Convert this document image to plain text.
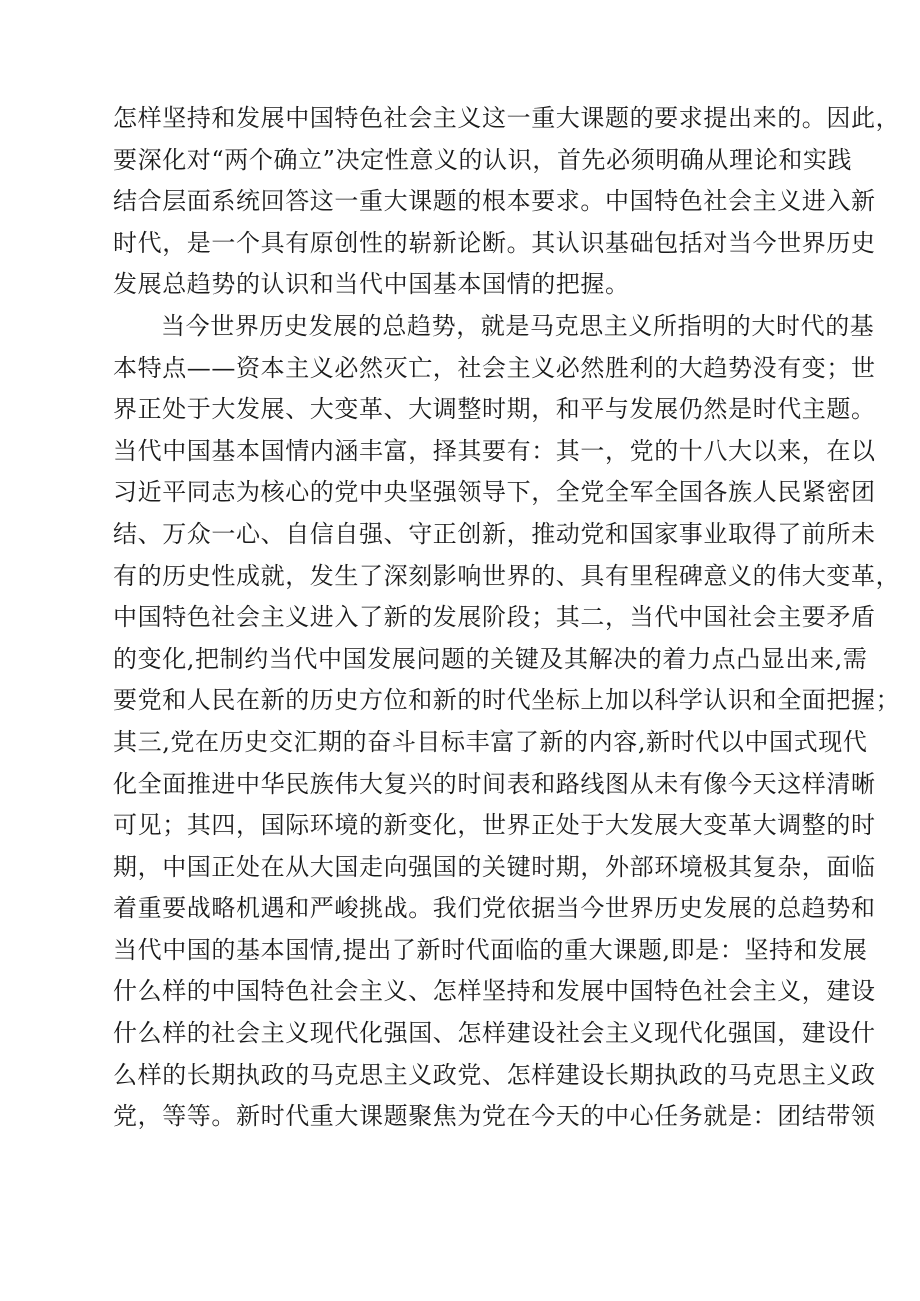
怎样坚持和发展中国特色社会主义这一重大课题的要求提出来的。因此，
要深化对“两个确立”决定性意义的认识，首先必须明确从理论和实践
结合层面系统回答这一重大课题的根本要求。中国特色社会主义进入新
时代，是一个具有原创性的崭新论断。其认识基础包括对当今世界历史
发展总趋势的认识和当代中国基本国情的把握。
当今世界历史发展的总趋势，就是马克思主义所指明的大时代的基
本特点——资本主义必然灭亡，社会主义必然胜利的大趋势没有变；世
界正处于大发展、大变革、大调整时期，和平与发展仍然是时代主题。
当代中国基本国情内涵丰富，择其要有：其一，党的十八大以来，在以
习近平同志为核心的党中央坚强领导下，全党全军全国各族人民紧密团
结、万众一心、自信自强、守正创新，推动党和国家事业取得了前所未
有的历史性成就，发生了深刻影响世界的、具有里程碑意义的伟大变革，
中国特色社会主义进入了新的发展阶段；其二，当代中国社会主要矛盾
的变化,把制约当代中国发展问题的关键及其解决的着力点凸显出来,需
要党和人民在新的历史方位和新的时代坐标上加以科学认识和全面把握；
其三,党在历史交汇期的奋斗目标丰富了新的内容,新时代以中国式现代
化全面推进中华民族伟大复兴的时间表和路线图从未有像今天这样清晰
可见；其四，国际环境的新变化，世界正处于大发展大变革大调整的时
期，中国正处在从大国走向强国的关键时期，外部环境极其复杂，面临
着重要战略机遇和严峻挑战。我们党依据当今世界历史发展的总趋势和
当代中国的基本国情,提出了新时代面临的重大课题,即是：坚持和发展
什么样的中国特色社会主义、怎样坚持和发展中国特色社会主义，建设
什么样的社会主义现代化强国、怎样建设社会主义现代化强国，建设什
么样的长期执政的马克思主义政党、怎样建设长期执政的马克思主义政
党，等等。新时代重大课题聚焦为党在今天的中心任务就是：团结带领
